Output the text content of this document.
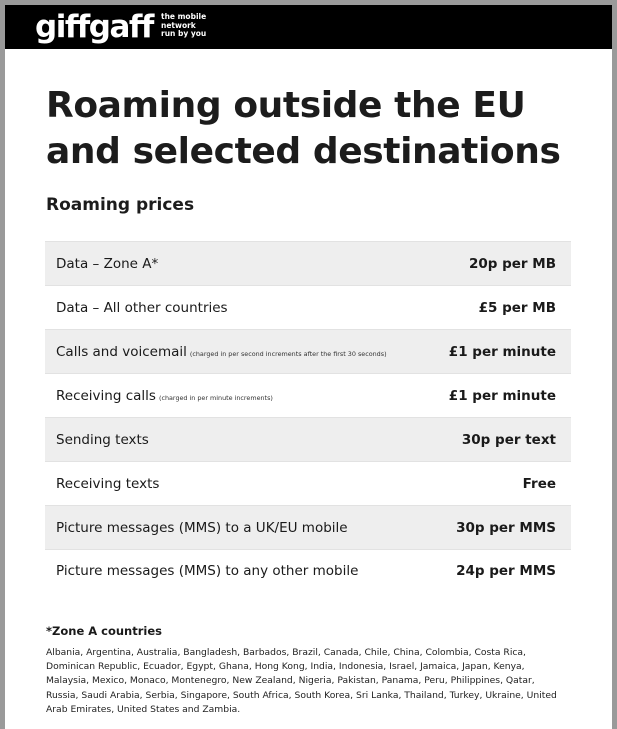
giffgaff the mobile
network
run by you
Roaming outside the EU
and selected destinations
Roaming prices
Data – Zone A*	20p per MB
Data – All other countries	£5 per MB
Calls and voicemail (charged in per second increments after the first 30 seconds)	£1 per minute
Receiving calls (charged in per minute increments)	£1 per minute
Sending texts	30p per text
Receiving texts	Free
Picture messages (MMS) to a UK/EU mobile	30p per MMS
Picture messages (MMS) to any other mobile	24p per MMS

*Zone A countries

Albania, Argentina, Australia, Bangladesh, Barbados, Brazil, Canada, Chile, China, Colombia, Costa Rica, Dominican Republic, Ecuador, Egypt, Ghana, Hong Kong, India, Indonesia, Israel, Jamaica, Japan, Kenya, Malaysia, Mexico, Monaco, Montenegro, New Zealand, Nigeria, Pakistan, Panama, Peru, Philippines, Qatar, Russia, Saudi Arabia, Serbia, Singapore, South Africa, South Korea, Sri Lanka, Thailand, Turkey, Ukraine, United Arab Emirates, United States and Zambia.
